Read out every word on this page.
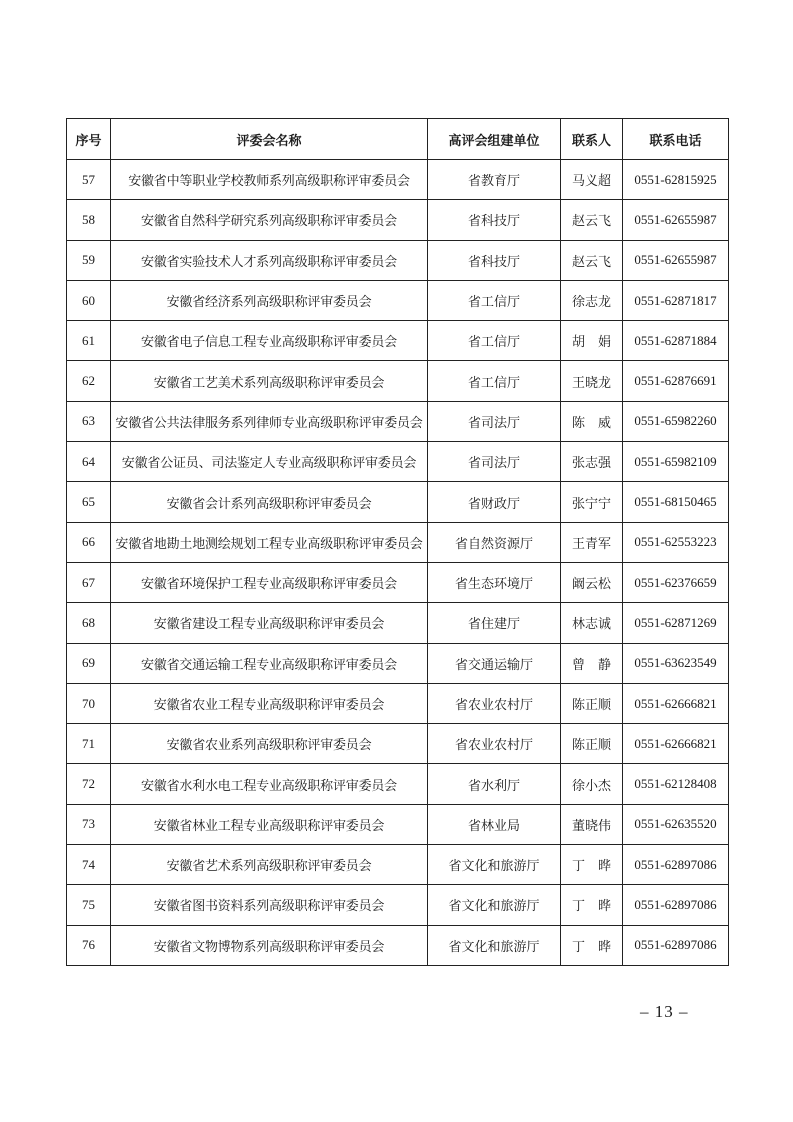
序号	评委会名称	高评会组建单位	联系人	联系电话
57	安徽省中等职业学校教师系列高级职称评审委员会	省教育厅	马义超	0551-62815925
58	安徽省自然科学研究系列高级职称评审委员会	省科技厅	赵云飞	0551-62655987
59	安徽省实验技术人才系列高级职称评审委员会	省科技厅	赵云飞	0551-62655987
60	安徽省经济系列高级职称评审委员会	省工信厅	徐志龙	0551-62871817
61	安徽省电子信息工程专业高级职称评审委员会	省工信厅	胡　娟	0551-62871884
62	安徽省工艺美术系列高级职称评审委员会	省工信厅	王晓龙	0551-62876691
63	安徽省公共法律服务系列律师专业高级职称评审委员会	省司法厅	陈　威	0551-65982260
64	安徽省公证员、司法鉴定人专业高级职称评审委员会	省司法厅	张志强	0551-65982109
65	安徽省会计系列高级职称评审委员会	省财政厅	张宁宁	0551-68150465
66	安徽省地勘土地测绘规划工程专业高级职称评审委员会	省自然资源厅	王青军	0551-62553223
67	安徽省环境保护工程专业高级职称评审委员会	省生态环境厅	阚云松	0551-62376659
68	安徽省建设工程专业高级职称评审委员会	省住建厅	林志诚	0551-62871269
69	安徽省交通运输工程专业高级职称评审委员会	省交通运输厅	曾　静	0551-63623549
70	安徽省农业工程专业高级职称评审委员会	省农业农村厅	陈正顺	0551-62666821
71	安徽省农业系列高级职称评审委员会	省农业农村厅	陈正顺	0551-62666821
72	安徽省水利水电工程专业高级职称评审委员会	省水利厅	徐小杰	0551-62128408
73	安徽省林业工程专业高级职称评审委员会	省林业局	董晓伟	0551-62635520
74	安徽省艺术系列高级职称评审委员会	省文化和旅游厅	丁　晔	0551-62897086
75	安徽省图书资料系列高级职称评审委员会	省文化和旅游厅	丁　晔	0551-62897086
76	安徽省文物博物系列高级职称评审委员会	省文化和旅游厅	丁　晔	0551-62897086
– 13 –
